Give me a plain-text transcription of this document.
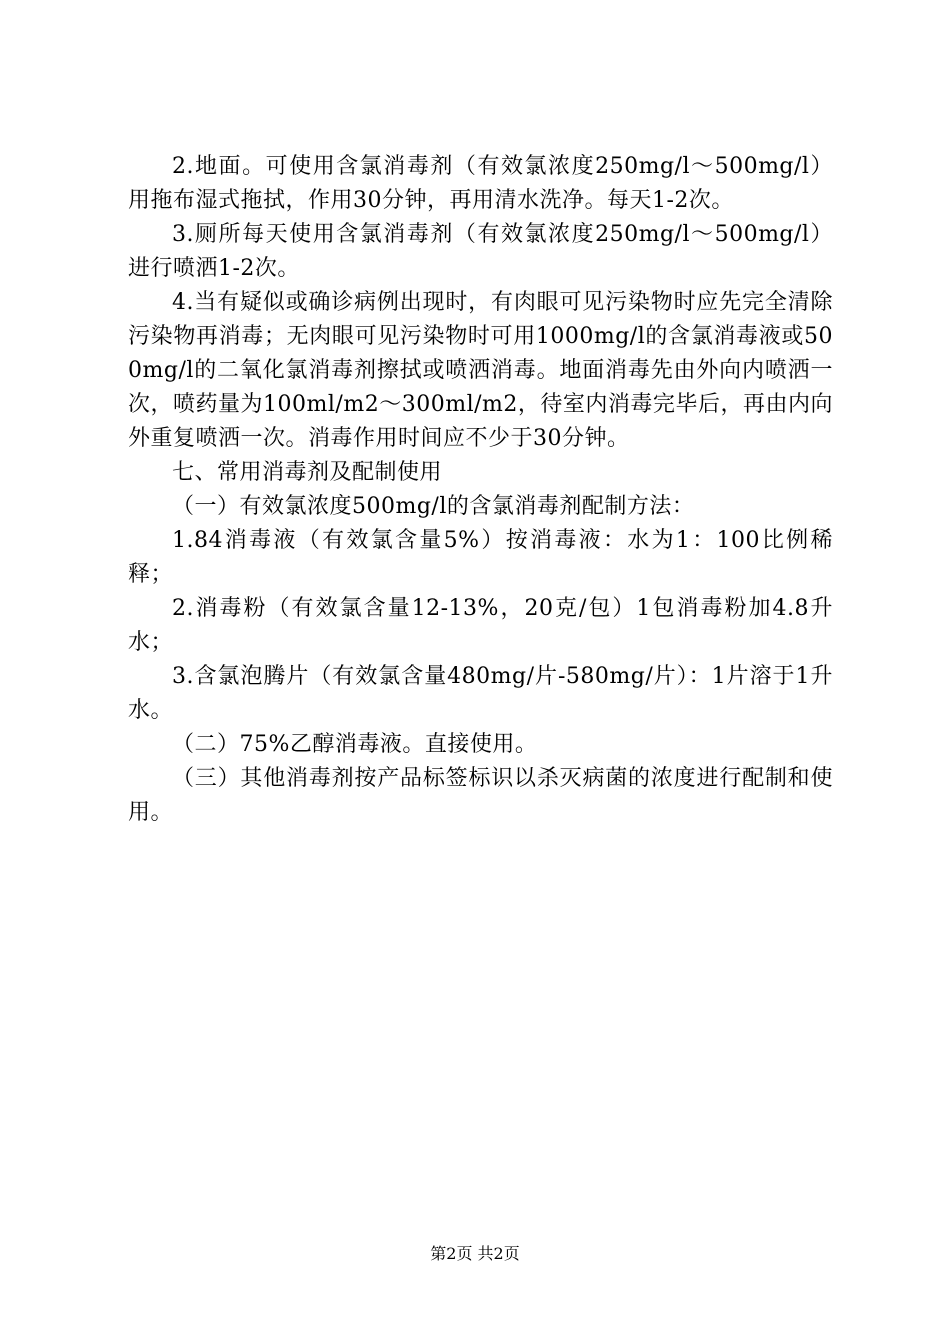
2.地面。可使用含氯消毒剂（有效氯浓度250mg/l～500mg/l）用拖布湿式拖拭，作用30分钟，再用清水洗净。每天1-2次。

3.厕所每天使用含氯消毒剂（有效氯浓度250mg/l～500mg/l）进行喷洒1-2次。

4.当有疑似或确诊病例出现时，有肉眼可见污染物时应先完全清除污染物再消毒；无肉眼可见污染物时可用1000mg/l的含氯消毒液或500mg/l的二氧化氯消毒剂擦拭或喷洒消毒。地面消毒先由外向内喷洒一次，喷药量为100ml/m2～300ml/m2，待室内消毒完毕后，再由内向外重复喷洒一次。消毒作用时间应不少于30分钟。

七、常用消毒剂及配制使用

（一）有效氯浓度500mg/l的含氯消毒剂配制方法：

1.84消毒液（有效氯含量5%）按消毒液：水为1：100比例稀释；

2.消毒粉（有效氯含量12-13%，20克/包）1包消毒粉加4.8升水；

3.含氯泡腾片（有效氯含量480mg/片-580mg/片）：1片溶于1升水。

（二）75%乙醇消毒液。直接使用。

（三）其他消毒剂按产品标签标识以杀灭病菌的浓度进行配制和使用。

第2页 共2页
